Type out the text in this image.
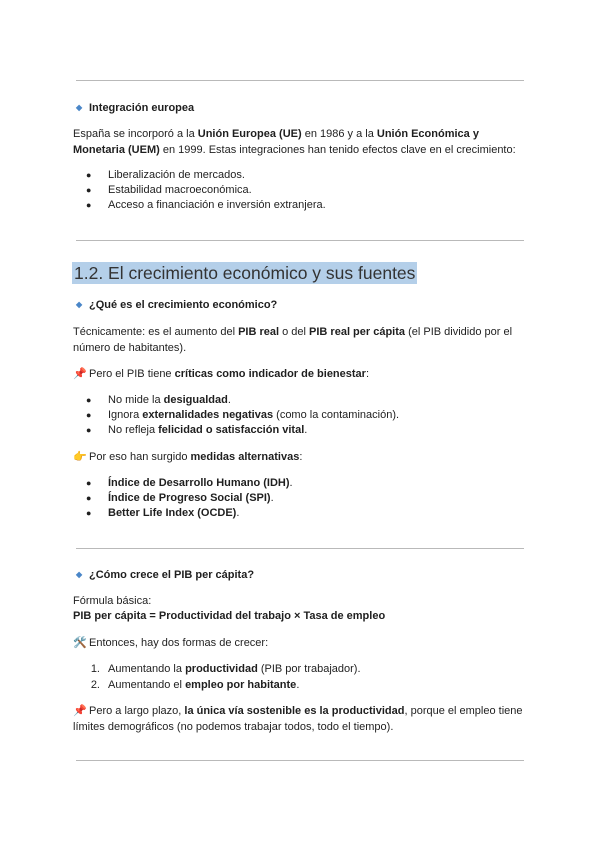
◆ Integración europea
España se incorporó a la Unión Europea (UE) en 1986 y a la Unión Económica y Monetaria (UEM) en 1999. Estas integraciones han tenido efectos clave en el crecimiento:
● Liberalización de mercados.
● Estabilidad macroeconómica.
● Acceso a financiación e inversión extranjera.
1.2. El crecimiento económico y sus fuentes
◆ ¿Qué es el crecimiento económico?
Técnicamente: es el aumento del PIB real o del PIB real per cápita (el PIB dividido por el número de habitantes).
📌 Pero el PIB tiene críticas como indicador de bienestar:
● No mide la desigualdad.
● Ignora externalidades negativas (como la contaminación).
● No refleja felicidad o satisfacción vital.
👉 Por eso han surgido medidas alternativas:
● Índice de Desarrollo Humano (IDH).
● Índice de Progreso Social (SPI).
● Better Life Index (OCDE).
◆ ¿Cómo crece el PIB per cápita?
Fórmula básica:
PIB per cápita = Productividad del trabajo × Tasa de empleo
🛠️ Entonces, hay dos formas de crecer:
1. Aumentando la productividad (PIB por trabajador).
2. Aumentando el empleo por habitante.
📌 Pero a largo plazo, la única vía sostenible es la productividad, porque el empleo tiene límites demográficos (no podemos trabajar todos, todo el tiempo).
